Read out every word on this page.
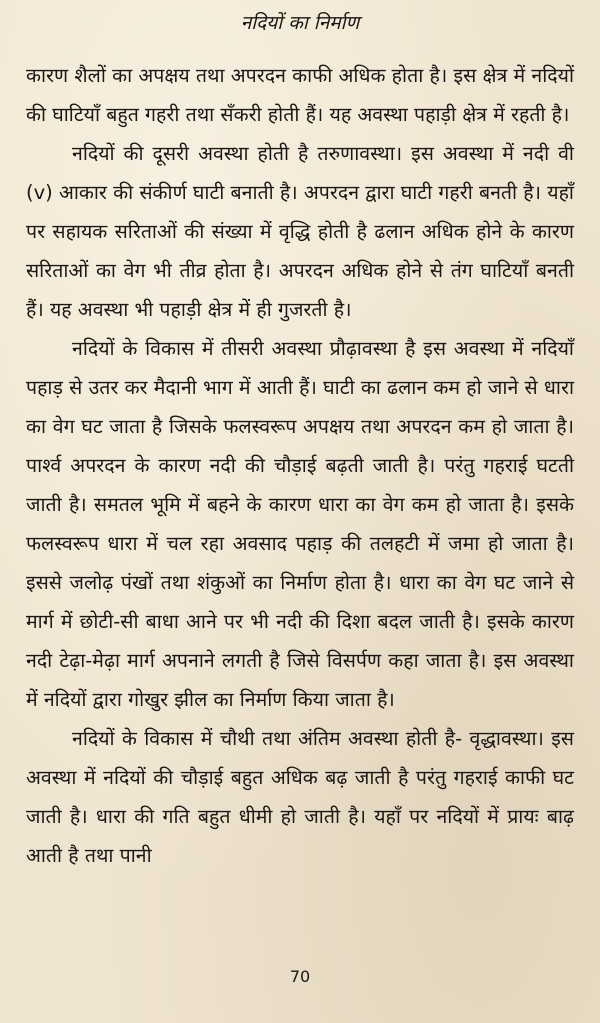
नदियों का निर्माण

कारण शैलों का अपक्षय तथा अपरदन काफी अधिक होता है। इस क्षेत्र में नदियों की घाटियाँ बहुत गहरी तथा सँकरी होती हैं। यह अवस्था पहाड़ी क्षेत्र में रहती है।

नदियों की दूसरी अवस्था होती है तरुणावस्था। इस अवस्था में नदी वी (v) आकार की संकीर्ण घाटी बनाती है। अपरदन द्वारा घाटी गहरी बनती है। यहाँ पर सहायक सरिताओं की संख्या में वृद्धि होती है ढलान अधिक होने के कारण सरिताओं का वेग भी तीव्र होता है। अपरदन अधिक होने से तंग घाटियाँ बनती हैं। यह अवस्था भी पहाड़ी क्षेत्र में ही गुजरती है।

नदियों के विकास में तीसरी अवस्था प्रौढ़ावस्था है इस अवस्था में नदियाँ पहाड़ से उतर कर मैदानी भाग में आती हैं। घाटी का ढलान कम हो जाने से धारा का वेग घट जाता है जिसके फलस्वरूप अपक्षय तथा अपरदन कम हो जाता है। पार्श्व अपरदन के कारण नदी की चौड़ाई बढ़ती जाती है। परंतु गहराई घटती जाती है। समतल भूमि में बहने के कारण धारा का वेग कम हो जाता है। इसके फलस्वरूप धारा में चल रहा अवसाद पहाड़ की तलहटी में जमा हो जाता है। इससे जलोढ़ पंखों तथा शंकुओं का निर्माण होता है। धारा का वेग घट जाने से मार्ग में छोटी-सी बाधा आने पर भी नदी की दिशा बदल जाती है। इसके कारण नदी टेढ़ा-मेढ़ा मार्ग अपनाने लगती है जिसे विसर्पण कहा जाता है। इस अवस्था में नदियों द्वारा गोखुर झील का निर्माण किया जाता है।

नदियों के विकास में चौथी तथा अंतिम अवस्था होती है- वृद्धावस्था। इस अवस्था में नदियों की चौड़ाई बहुत अधिक बढ़ जाती है परंतु गहराई काफी घट जाती है। धारा की गति बहुत धीमी हो जाती है। यहाँ पर नदियों में प्रायः बाढ़ आती है तथा पानी

70
